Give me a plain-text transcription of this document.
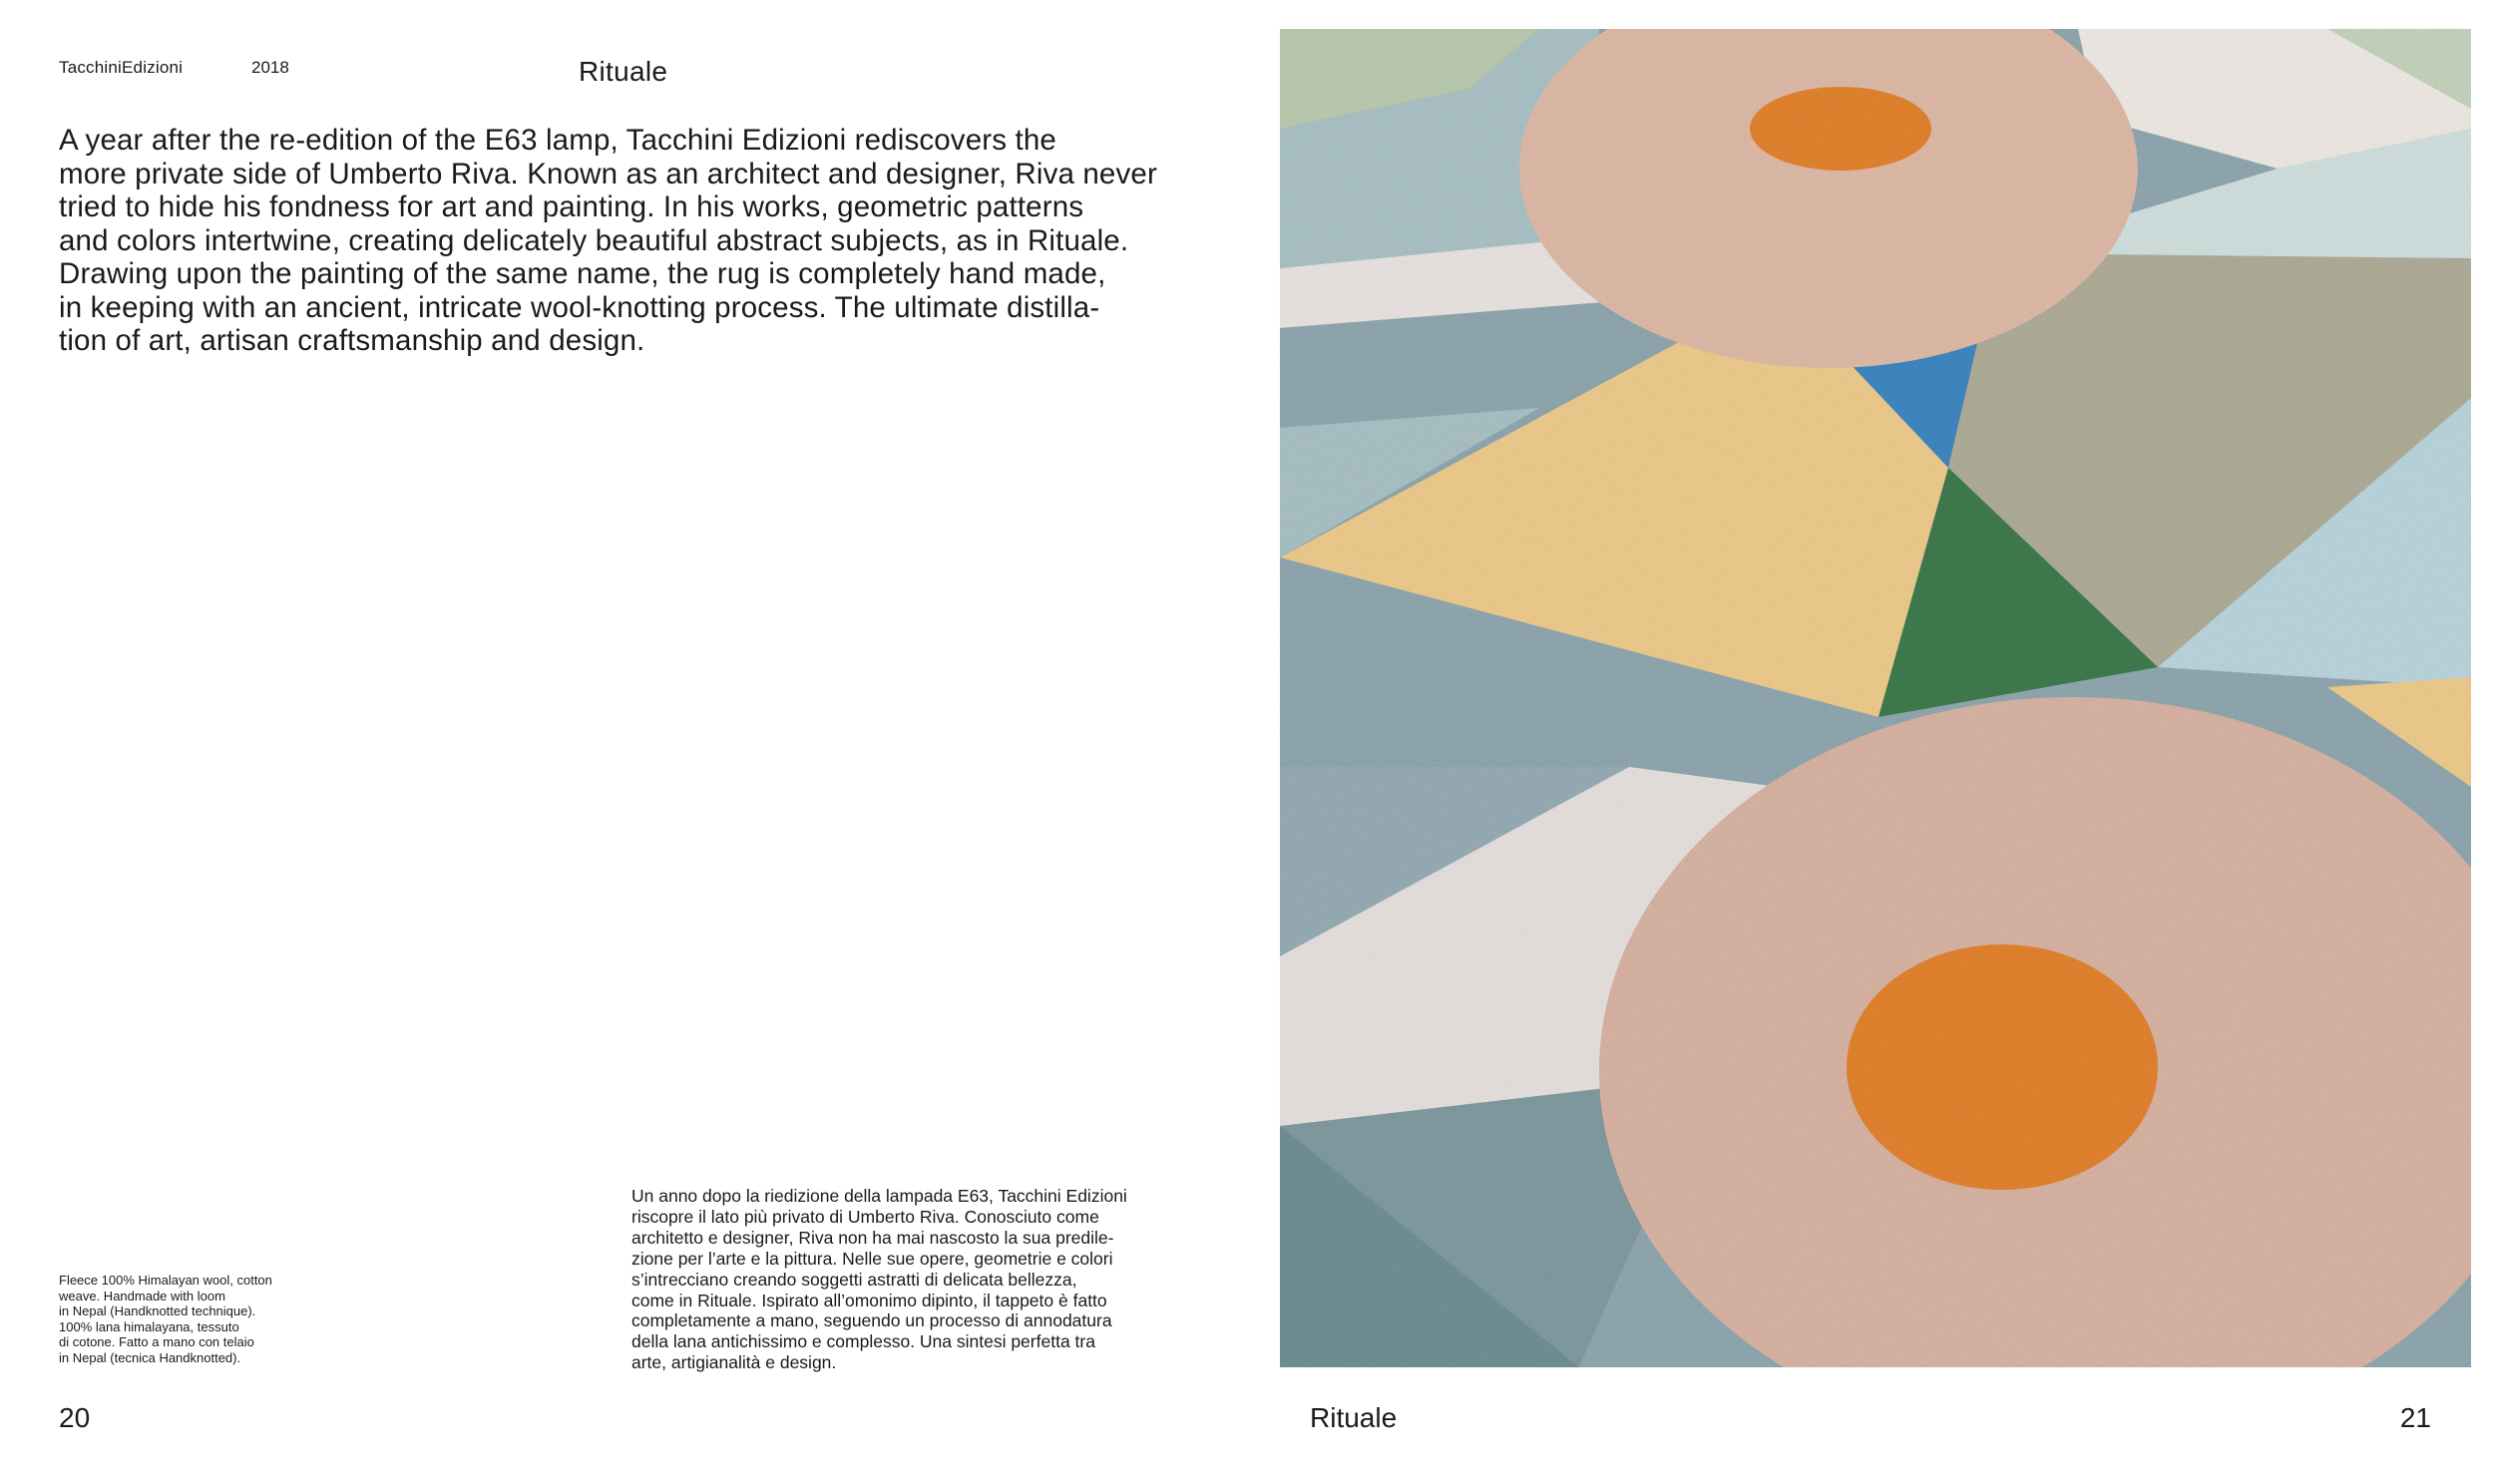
TacchiniEdizioni	2018	Rituale
A year after the re-edition of the E63 lamp, Tacchini Edizioni rediscovers the
more private side of Umberto Riva. Known as an architect and designer, Riva never
tried to hide his fondness for art and painting. In his works, geometric patterns
and colors intertwine, creating delicately beautiful abstract subjects, as in Rituale.
Drawing upon the painting of the same name, the rug is completely hand made,
in keeping with an ancient, intricate wool-knotting process. The ultimate distilla-
tion of art, artisan craftsmanship and design.
Fleece 100% Himalayan wool, cotton
weave. Handmade with loom
in Nepal (Handknotted technique).
100% lana himalayana, tessuto
di cotone. Fatto a mano con telaio
in Nepal (tecnica Handknotted).
Un anno dopo la riedizione della lampada E63, Tacchini Edizioni
riscopre il lato più privato di Umberto Riva. Conosciuto come
architetto e designer, Riva non ha mai nascosto la sua predile-
zione per l’arte e la pittura. Nelle sue opere, geometrie e colori
s’intrecciano creando soggetti astratti di delicata bellezza,
come in Rituale. Ispirato all’omonimo dipinto, il tappeto è fatto
completamente a mano, seguendo un processo di annodatura
della lana antichissimo e complesso. Una sintesi perfetta tra
arte, artigianalità e design.
20	Rituale	21
